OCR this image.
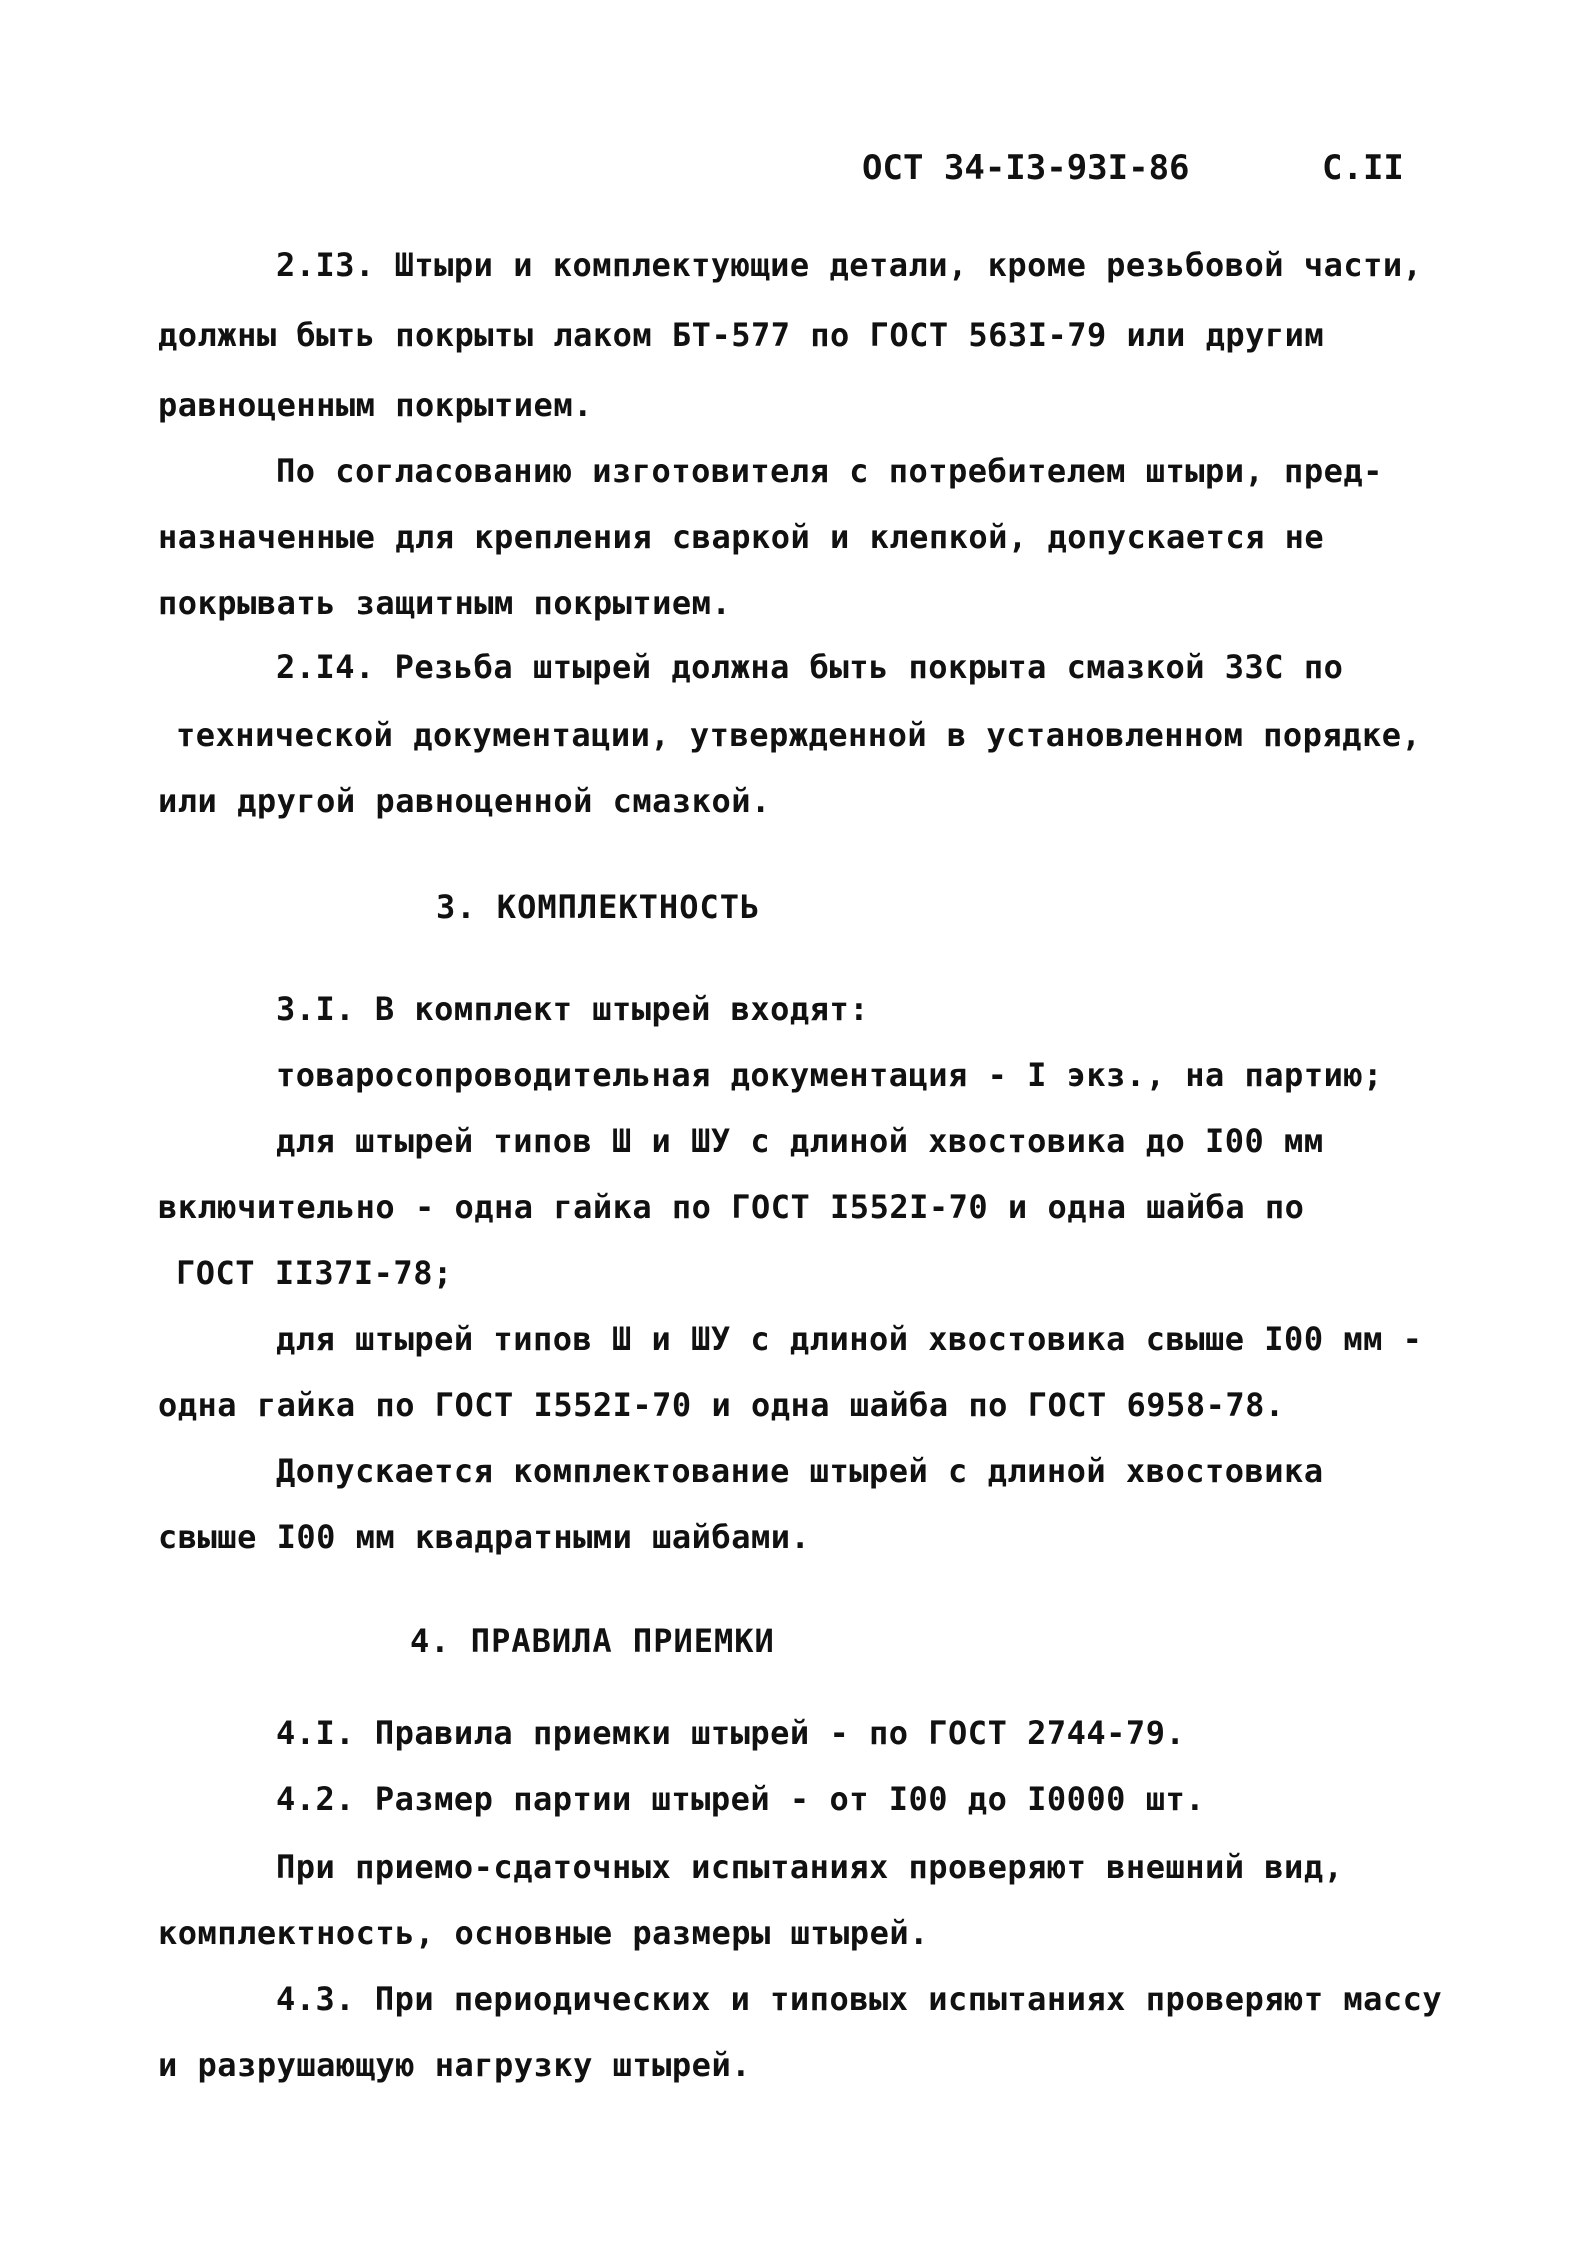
ОСТ 34-I3-93I-86	С.II
2.I3. Штыри и комплектующие детали, кроме резьбовой части,
должны быть покрыты лаком БТ-577 по ГОСТ 563I-79 или другим
равноценным покрытием.
По согласованию изготовителя с потребителем штыри, пред-
назначенные для крепления сваркой и клепкой, допускается не
покрывать защитным покрытием.
2.I4. Резьба штырей должна быть покрыта смазкой ЗЗС по
технической документации, утвержденной в установленном порядке,
или другой равноценной смазкой.
3. КОМПЛЕКТНОСТЬ
3.I. В комплект штырей входят:
товаросопроводительная документация - I экз., на партию;
для штырей типов Ш и ШУ с длиной хвостовика до I00 мм
включительно - одна гайка по ГОСТ I552I-70 и одна шайба по
ГОСТ II37I-78;
для штырей типов Ш и ШУ с длиной хвостовика свыше I00 мм -
одна гайка по ГОСТ I552I-70 и одна шайба по ГОСТ 6958-78.
Допускается комплектование штырей с длиной хвостовика
свыше I00 мм квадратными шайбами.
4. ПРАВИЛА ПРИЕМКИ
4.I. Правила приемки штырей - по ГОСТ 2744-79.
4.2. Размер партии штырей - от I00 до I0000 шт.
При приемо-сдаточных испытаниях проверяют внешний вид,
комплектность, основные размеры штырей.
4.3. При периодических и типовых испытаниях проверяют массу
и разрушающую нагрузку штырей.
